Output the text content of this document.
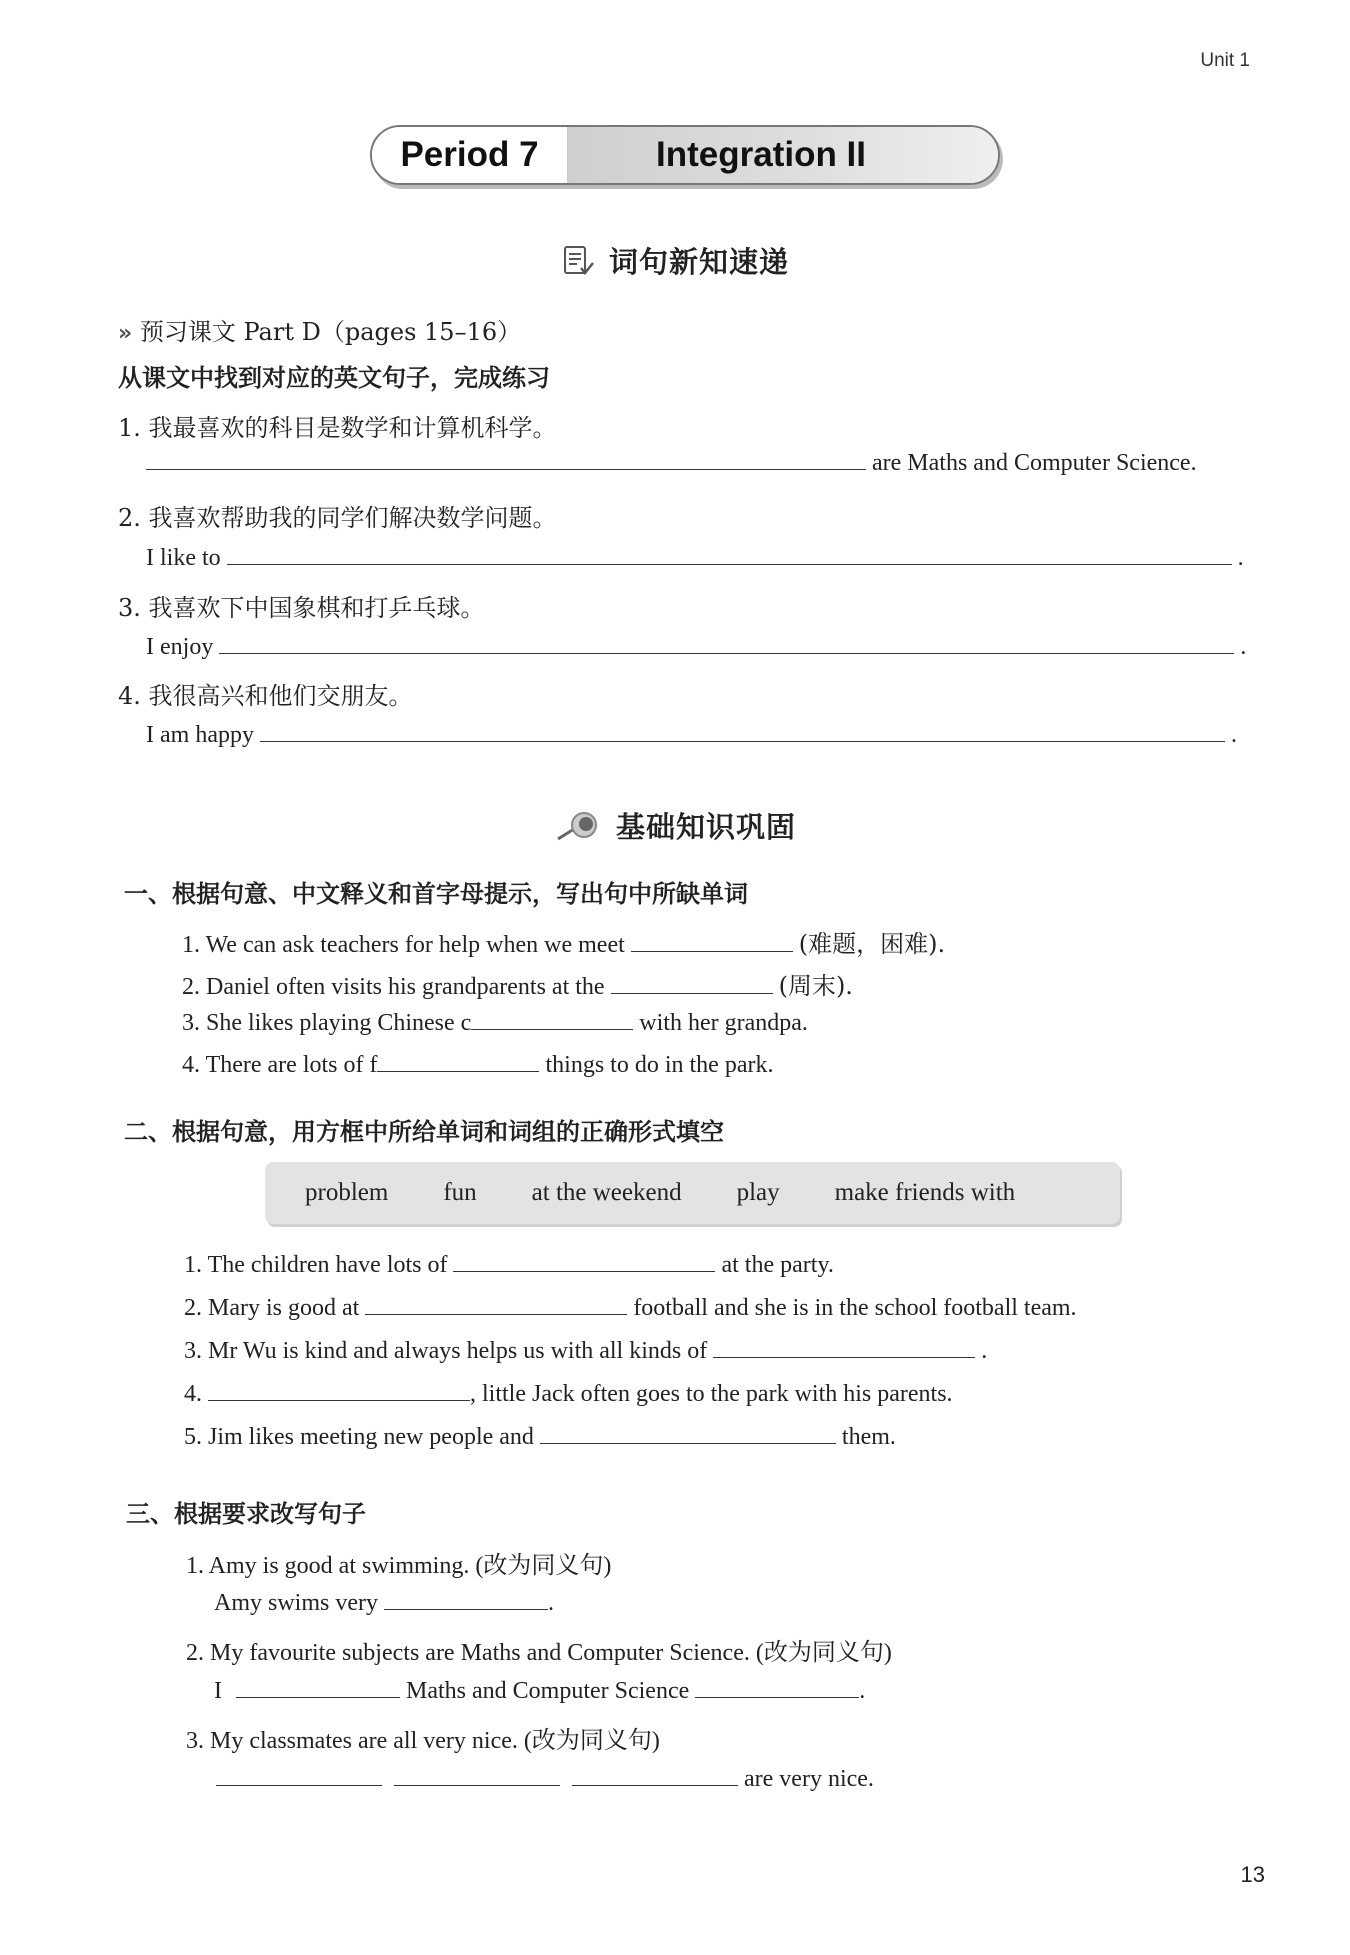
Unit 1
Period 7	Integration II
词句新知速递
» 预习课文 Part D（pages 15–16）
从课文中找到对应的英文句子，完成练习
1. 我最喜欢的科目是数学和计算机科学。
are Maths and Computer Science.
2. 我喜欢帮助我的同学们解决数学问题。
I like to	.
3. 我喜欢下中国象棋和打乒乓球。
I enjoy	.
4. 我很高兴和他们交朋友。
I am happy	.
基础知识巩固
一、根据句意、中文释义和首字母提示，写出句中所缺单词
1. We can ask teachers for help when we meet	(难题，困难).
2. Daniel often visits his grandparents at the	(周末).
3. She likes playing Chinese c	with her grandpa.
4. There are lots of f	things to do in the park.
二、根据句意，用方框中所给单词和词组的正确形式填空
problem fun at the weekend play make friends with
1. The children have lots of	at the party.
2. Mary is good at	football and she is in the school football team.
3. Mr Wu is kind and always helps us with all kinds of	.
4.	, little Jack often goes to the park with his parents.
5. Jim likes meeting new people and	them.
三、根据要求改写句子
1. Amy is good at swimming. (改为同义句)
Amy swims very	.
2. My favourite subjects are Maths and Computer Science. (改为同义句)
I	Maths and Computer Science	.
3. My classmates are all very nice. (改为同义句)
are very nice.
13
